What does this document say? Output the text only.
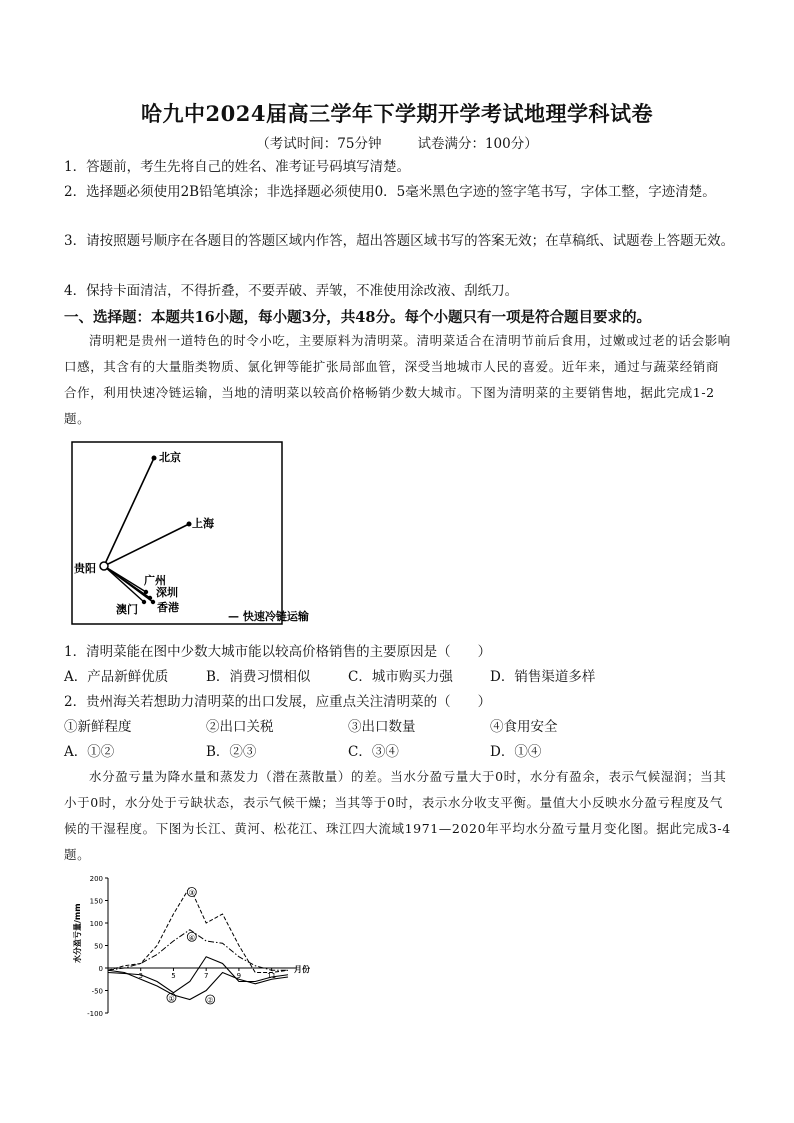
哈九中2024届高三学年下学期开学考试地理学科试卷
（考试时间：75分钟	试卷满分：100分）
1．答题前，考生先将自己的姓名、准考证号码填写清楚。
2．选择题必须使用2B铅笔填涂；非选择题必须使用0．5毫米黑色字迹的签字笔书写，字体工整，字迹清楚。
3．请按照题号顺序在各题目的答题区域内作答，超出答题区域书写的答案无效；在草稿纸、试题卷上答题无效。
4．保持卡面清洁，不得折叠，不要弄破、弄皱，不准使用涂改液、刮纸刀。
一、选择题：本题共16小题，每小题3分，共48分。每个小题只有一项是符合题目要求的。
清明粑是贵州一道特色的时令小吃，主要原料为清明菜。清明菜适合在清明节前后食用，过嫩或过老的话会影响口感，其含有的大量脂类物质、氯化钾等能扩张局部血管，深受当地城市人民的喜爱。近年来，通过与蔬菜经销商合作，利用快速冷链运输，当地的清明菜以较高价格畅销少数大城市。下图为清明菜的主要销售地，据此完成1-2题。
贵阳
北京
上海
广州
深圳
澳门 香港
— 快速冷链运输
1．清明菜能在图中少数大城市能以较高价格销售的主要原因是（　　）
A．产品新鲜优质	B．消费习惯相似	C．城市购买力强	D．销售渠道多样
2．贵州海关若想助力清明菜的出口发展，应重点关注清明菜的（　　）
①新鲜程度	②出口关税	③出口数量	④食用安全
A．①②	B．②③	C．③④	D．①④
水分盈亏量为降水量和蒸发力（潜在蒸散量）的差。当水分盈亏量大于0时，水分有盈余，表示气候湿润；当其小于0时，水分处于亏缺状态，表示气候干燥；当其等于0时，表示水分收支平衡。量值大小反映水分盈亏程度及气候的干湿程度。下图为长江、黄河、松花江、珠江四大流域1971—2020年平均水分盈亏量月变化图。据此完成3-4题。
水分盈亏量/mm
200
150
100
50
0
-50
-100
3	5	7	9	11
月份
①	②
③
④
